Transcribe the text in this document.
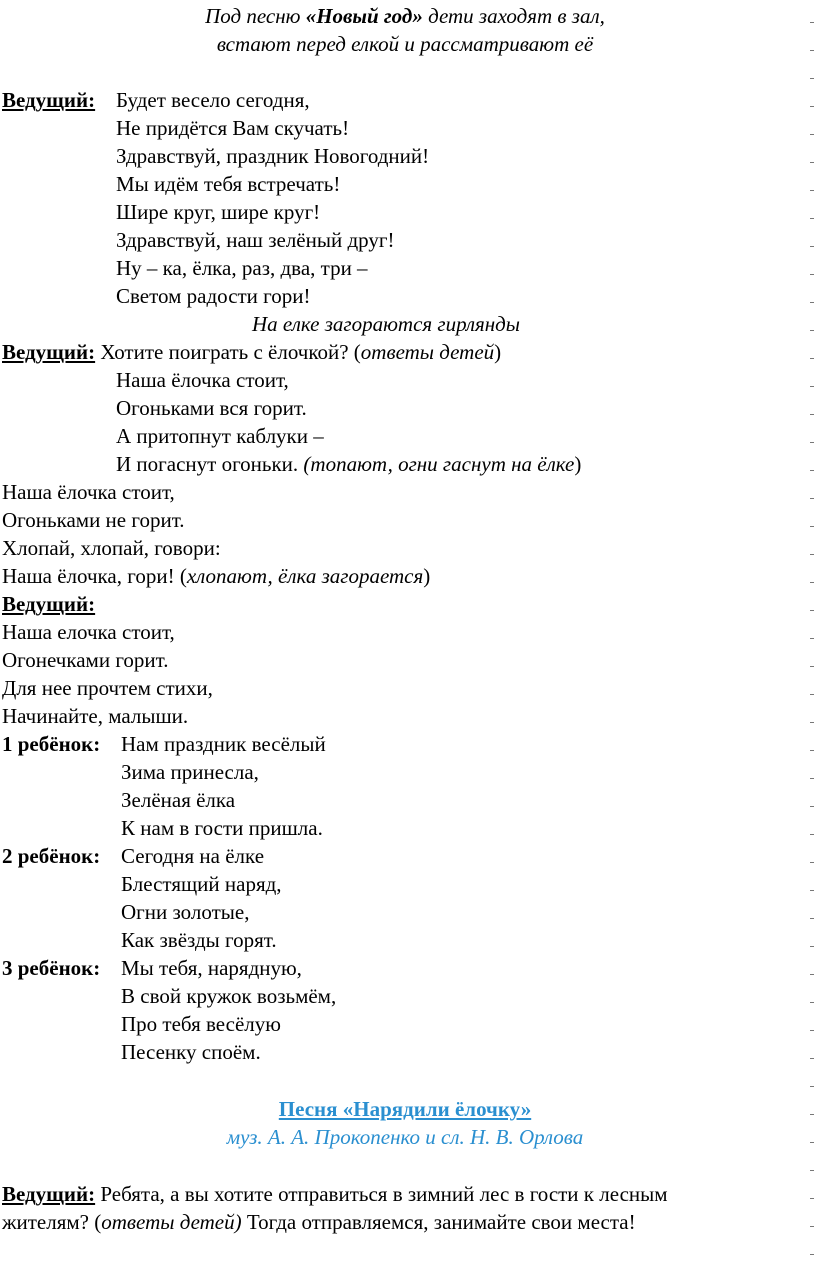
Под песню «Новый год» дети заходят в зал,
встают перед елкой и рассматривают её
Ведущий: Будет весело сегодня,
Не придётся Вам скучать!
Здравствуй, праздник Новогодний!
Мы идём тебя встречать!
Шире круг, шире круг!
Здравствуй, наш зелёный друг!
Ну – ка, ёлка, раз, два, три –
Светом радости гори!
На елке загораются гирлянды
Ведущий: Хотите поиграть с ёлочкой? (ответы детей)
Наша ёлочка стоит,
Огоньками вся горит.
А притопнут каблуки –
И погаснут огоньки. (топают, огни гаснут на ёлке)
Наша ёлочка стоит,
Огоньками не горит.
Хлопай, хлопай, говори:
Наша ёлочка, гори! (хлопают, ёлка загорается)
Ведущий:
Наша елочка стоит,
Огонечками горит.
Для нее прочтем стихи,
Начинайте, малыши.
1 ребёнок: Нам праздник весёлый
Зима принесла,
Зелёная ёлка
К нам в гости пришла.
2 ребёнок: Сегодня на ёлке
Блестящий наряд,
Огни золотые,
Как звёзды горят.
3 ребёнок: Мы тебя, нарядную,
В свой кружок возьмём,
Про тебя весёлую
Песенку споём.
Песня «Нарядили ёлочку»
муз. А. А. Прокопенко и сл. Н. В. Орлова
Ведущий: Ребята, а вы хотите отправиться в зимний лес в гости к лесным
жителям? (ответы детей) Тогда отправляемся, занимайте свои места!
